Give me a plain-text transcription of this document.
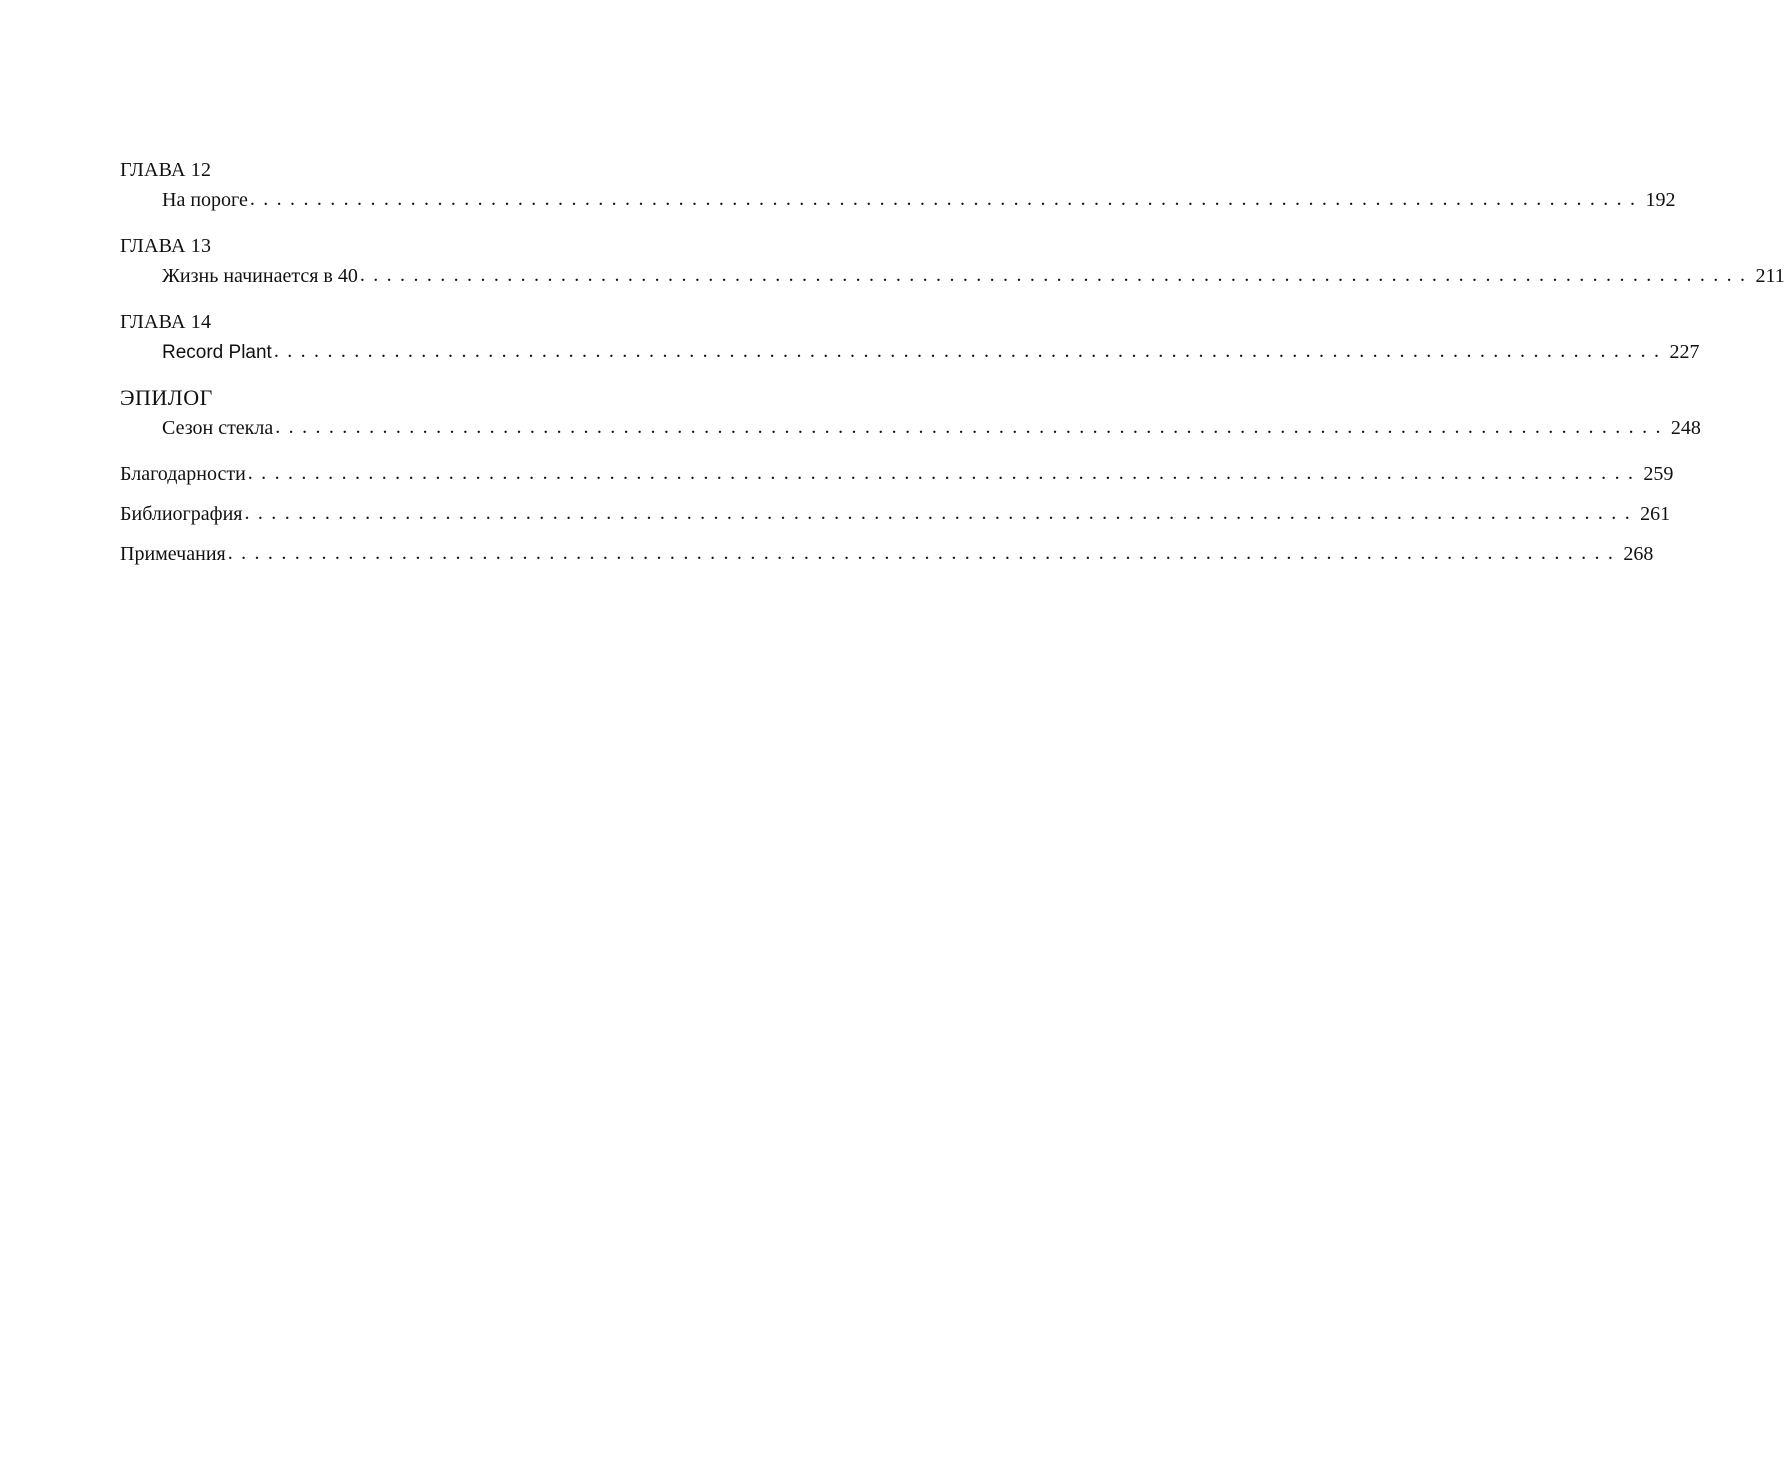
ГЛАВА 12
На пороге ........................................................................................................ 192
ГЛАВА 13
Жизнь начинается в 40 ........................................................................................................ 211
ГЛАВА 14
Record Plant ........................................................................................................ 227
ЭПИЛОГ
Сезон стекла ........................................................................................................ 248
Благодарности ........................................................................................................ 259
Библиография ........................................................................................................ 261
Примечания ........................................................................................................ 268
